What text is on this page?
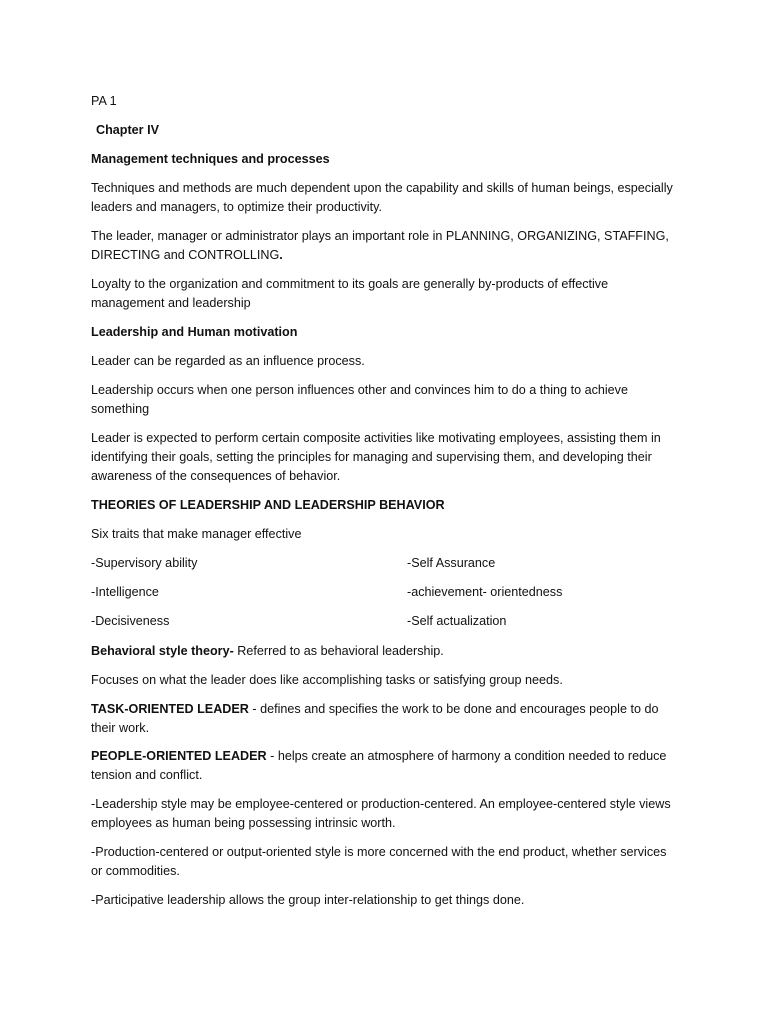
PA 1

Chapter IV

Management techniques and processes

Techniques and methods are much dependent upon the capability and skills of human beings, especially leaders and managers, to optimize their productivity.

The leader, manager or administrator plays an important role in PLANNING, ORGANIZING, STAFFING, DIRECTING and CONTROLLING.

Loyalty to the organization and commitment to its goals are generally by-products of effective management and leadership

Leadership and Human motivation

Leader can be regarded as an influence process.

Leadership occurs when one person influences other and convinces him to do a thing to achieve something

Leader is expected to perform certain composite activities like motivating employees, assisting them in identifying their goals, setting the principles for managing and supervising them, and developing their awareness of the consequences of behavior.

THEORIES OF LEADERSHIP AND LEADERSHIP BEHAVIOR

Six traits that make manager effective

-Supervisory ability	-Self Assurance

-Intelligence	-achievement- orientedness

-Decisiveness	-Self actualization

Behavioral style theory- Referred to as behavioral leadership.

Focuses on what the leader does like accomplishing tasks or satisfying group needs.

TASK-ORIENTED LEADER - defines and specifies the work to be done and encourages people to do their work.

PEOPLE-ORIENTED LEADER - helps create an atmosphere of harmony a condition needed to reduce tension and conflict.

-Leadership style may be employee-centered or production-centered. An employee-centered style views employees as human being possessing intrinsic worth.

-Production-centered or output-oriented style is more concerned with the end product, whether services or commodities.

-Participative leadership allows the group inter-relationship to get things done.
